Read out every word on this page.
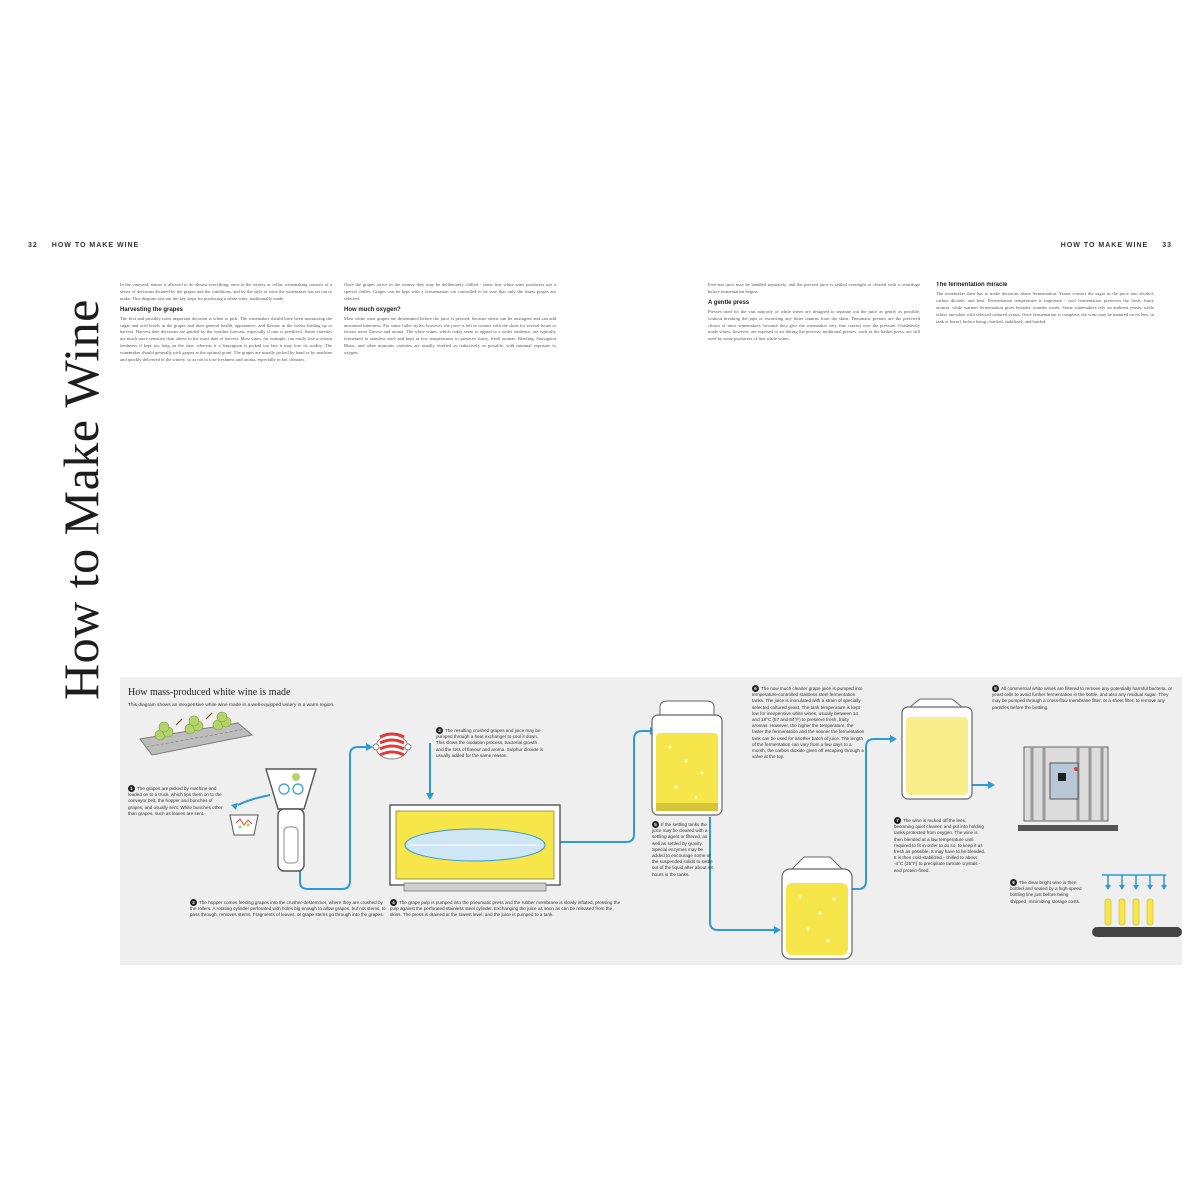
32 HOW TO MAKE WINE	HOW TO MAKE WINE 33
How to Make Wine

In the vineyard, nature is allowed to do almost everything; once in the winery or cellar, winemaking consists of a series of decisions dictated by the grapes and the conditions, and by the style of wine the winemaker has set out to make. This diagram sets out the key steps for producing a white wine, traditionally made.

Harvesting the grapes

The first and possibly most important decision is when to pick. The winemaker should have been monitoring the sugar and acid levels in the grapes and their general health, appearance, and flavour in the weeks leading up to harvest. Harvest date decisions are guided by the weather forecast, especially if rain is predicted. Some varieties are much more sensitive than others to the exact date of harvest. Most vines, for example, can easily lose a certain freshness if kept too long on the vine, whereas if a Sauvignon is picked too late it may lose its acidity. The winemaker should generally pick grapes at the optimal point. The grapes are usually picked by hand or by machine and quickly delivered to the winery, so as not to lose freshness and aroma, especially in hot climates.

Once the grapes arrive in the winery they may be deliberately chilled - some fine white wine producers use a special chiller. Grapes can be kept with a fermentation vat controlled to be sure that only the finest grapes are selected.

How much oxygen?

Most white wine grapes are destemmed before the juice is pressed, because stems can be astringent and can add unwanted bitterness. For some fuller styles, however, the juice is left in contact with the skins for several hours to extract more flavour and aroma. The white wines, which today seem to appeal to a wider audience, are typically fermented in stainless steel and kept at low temperatures to preserve fruity, fresh aromas. Riesling, Sauvignon Blanc, and other aromatic varieties are usually vinified as reductively as possible, with minimal exposure to oxygen.

Free-run juice may be handled separately, and the pressed juice is settled overnight or cleared with a centrifuge before fermentation begins.

A gentle press

Presses used for the vast majority of white wines are designed to separate out the juice as gently as possible, without breaking the pips or extracting any bitter tannins from the skins. Pneumatic presses are the preferred choice of most winemakers, because they give the winemaker very fine control over the pressure. Oxidatively made wines, however, are exposed to air during the process; traditional presses, such as the basket press, are still used by some producers of fine white wines.

The fermentation miracle

The winemaker then has to make decisions about fermentation. Yeasts convert the sugar in the juice into alcohol, carbon dioxide, and heat. Fermentation temperature is important - cool fermentation preserves the fresh, fruity aromas, while warmer fermentation gives broader, rounder wines. Some winemakers rely on ambient yeasts, while others inoculate with selected cultured yeasts. Once fermentation is complete, the wine may be matured on its lees, in tank or barrel, before being clarified, stabilized, and bottled.

How mass-produced white wine is made
This diagram shows an inexpensive white wine made in a well-equipped winery in a warm region.
1 The grapes are picked by machine and loaded on to a truck, which tips them on to the conveyor belt, the hopper and bunches of grapes, and usually sent. White bunches other than grapes, such as leaves are sent.
2 The hopper comes feeding grapes into the crusher-destemmer, where they are crushed by the rollers. A rotating cylinder perforated with holes big enough to allow grapes, but not stems, to pass through, removes stems. Fragments of leaves, or grape stems go through into the grapes.
3 The resulting crushed grapes and juice may be pumped through a heat exchanger to cool it down. This slows the oxidation process, bacterial growth and the loss of flavour and aroma. Sulphur dioxide is usually added for the same reason.
4 The grape pulp is pumped into the pneumatic press and the rubber membrane is slowly inflated, pressing the pulp against the perforated stainless steel cylinder. Exchanging the juice as soon as can be released from the skins. The press is drained at the lowest level, and the juice is pumped to a tank.
5 If the settling tanks the juice may be cleared with a settling agent or filtered, as well as settled by gravity. Special enzymes may be added to encourage some of the suspended solids to settle out of the liquid after about 48 hours in the tanks.
6 The now much cleaner grape juice is pumped into temperature-controlled stainless steel fermentation tanks. The juice is inoculated with a strain of specially selected cultured yeast. The tank temperature is kept low for inexpensive white wines, usually between 14 and 18°C (57 and 64°F) to preserve fresh, fruity aromas. However, the higher the temperature, the faster the fermentation and the sooner the fermentation tank can be used for another batch of juice. The length of the fermentation can vary from a few days to a month, the carbon dioxide given off escaping through a valve at the top.
7 The wine is racked off the lees, becoming quiet cleaner, and put into holding tanks protected from oxygen. The wine is then blended at a low temperature until required to fit in order to do so, to keep it as fresh as possible. It may have to be blended. It is then cold-stabilized - chilled to about -4°C (25°F) to precipitate tartrate crystals - and protein-fined.
8 All commercial white wines are filtered to remove any potentially harmful bacteria, or yeast cells to avoid further fermentation in the bottle, and also any residual sugar. They may be pumped through a cross-flow membrane filter, or a sheet filter, to remove any particles before the bottling.
9 The clear bright wine is then bottled and sealed by a high-speed bottling line just before being shipped, minimizing storage costs.
